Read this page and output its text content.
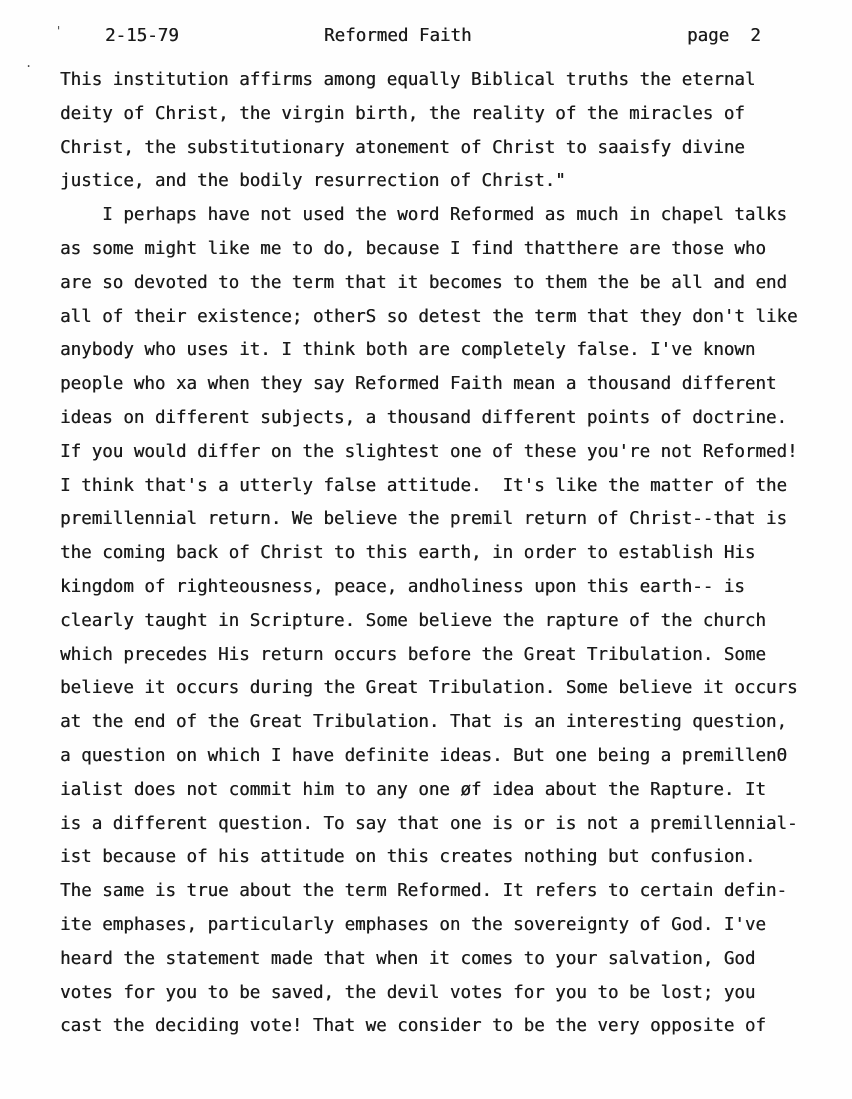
'
.
2-15-79	Reformed Faith	page  2
This institution affirms among equally Biblical truths the eternal
deity of Christ, the virgin birth, the reality of the miracles of
Christ, the substitutionary atonement of Christ to saaisfy divine
justice, and the bodily resurrection of Christ."
I perhaps have not used the word Reformed as much in chapel talks
as some might like me to do, because I find thatthere are those who
are so devoted to the term that it becomes to them the be all and end
all of their existence; otherS so detest the term that they don't like
anybody who uses it. I think both are completely false. I've known
people who xa when they say Reformed Faith mean a thousand different
ideas on different subjects, a thousand different points of doctrine.
If you would differ on the slightest one of these you're not Reformed!
I think that's a utterly false attitude.  It's like the matter of the
premillennial return. We believe the premil return of Christ--that is
the coming back of Christ to this earth, in order to establish His
kingdom of righteousness, peace, andholiness upon this earth-- is
clearly taught in Scripture. Some believe the rapture of the church
which precedes His return occurs before the Great Tribulation. Some
believe it occurs during the Great Tribulation. Some believe it occurs
at the end of the Great Tribulation. That is an interesting question,
a question on which I have definite ideas. But one being a premillenΘ
ialist does not commit him to any one øf idea about the Rapture. It
is a different question. To say that one is or is not a premillennial-
ist because of his attitude on this creates nothing but confusion.
The same is true about the term Reformed. It refers to certain defin-
ite emphases, particularly emphases on the sovereignty of God. I've
heard the statement made that when it comes to your salvation, God
votes for you to be saved, the devil votes for you to be lost; you
cast the deciding vote! That we consider to be the very opposite of
